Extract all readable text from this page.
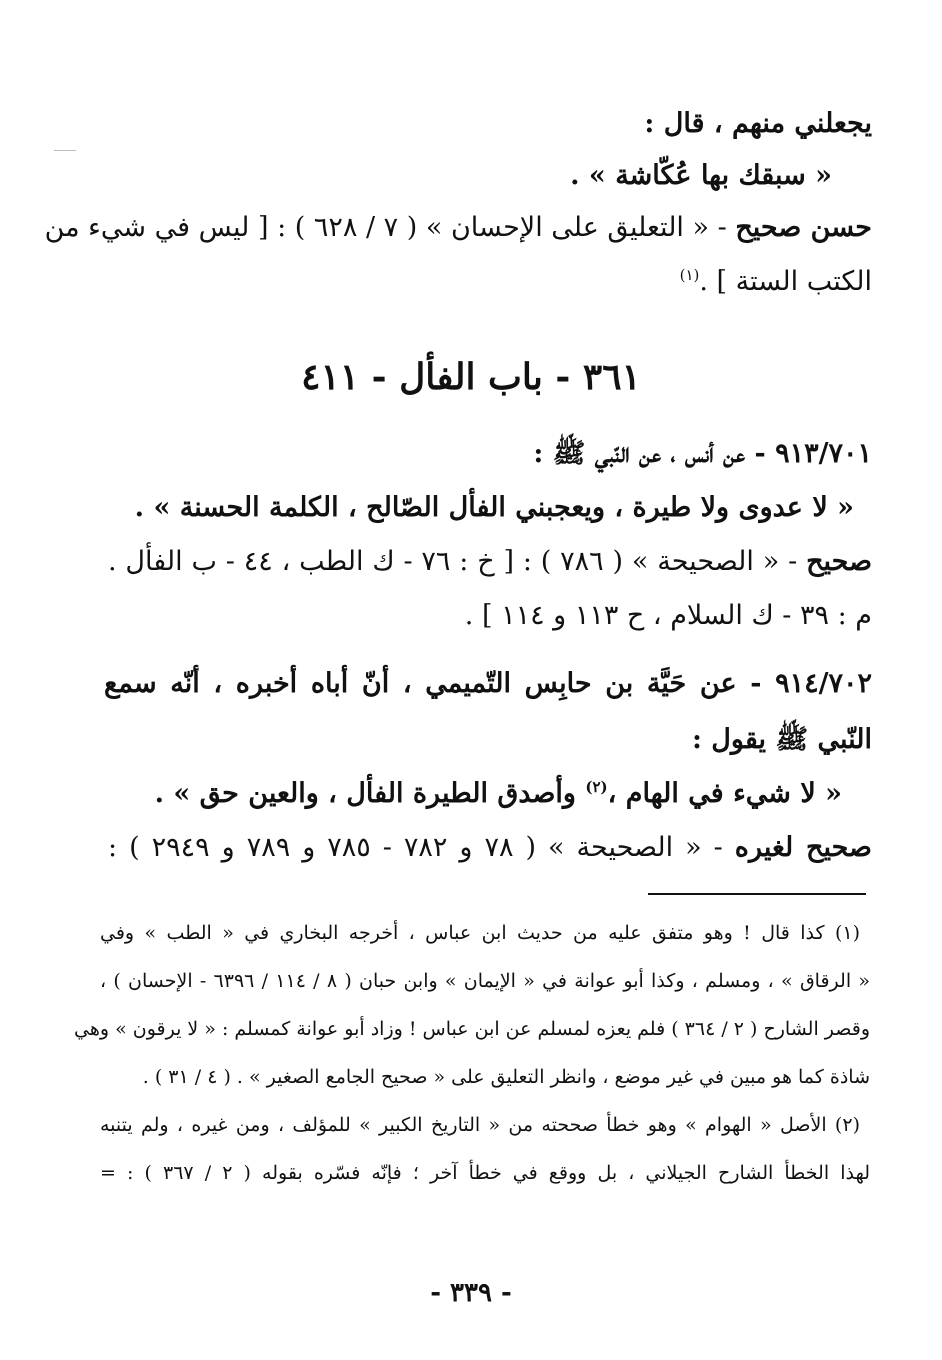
يجعلني منهم ، قال :
« سبقك بها عُكّاشة » .
حسن صحيح - « التعليق على الإحسان » ( ٧ / ٦٢٨ ) : [ ليس في شيء من
الكتب الستة ] .$^{(١)}$
٣٦١ - باب الفأل - ٤١١
٩١٣/٧٠١ - عن أنس ، عن النّبي ﷺ :
« لا عدوى ولا طيرة ، ويعجبني الفأل الصّالح ، الكلمة الحسنة » .
صحيح - « الصحيحة » ( ٧٨٦ ) : [ خ : ٧٦ - ك الطب ، ٤٤ - ب الفأل .
م : ٣٩ - ك السلام ، ح ١١٣ و ١١٤ ] .
٩١٤/٧٠٢ - عن حَيَّة بن حابِس التّميمي ، أنّ أباه أخبره ، أنّه سمع
النّبي ﷺ يقول :
« لا شيء في الهام ،$^{(٢)}$ وأصدق الطيرة الفأل ، والعين حق » .
صحيح لغيره - « الصحيحة » ( ٧٨ و ٧٨٢ - ٧٨٥ و ٧٨٩ و ٢٩٤٩ ) :
(١) كذا قال ! وهو متفق عليه من حديث ابن عباس ، أخرجه البخاري في « الطب » وفي
« الرقاق » ، ومسلم ، وكذا أبو عوانة في « الإيمان » وابن حبان ( ٨ / ١١٤ / ٦٣٩٦ - الإحسان ) ،
وقصر الشارح ( ٢ / ٣٦٤ ) فلم يعزه لمسلم عن ابن عباس ! وزاد أبو عوانة كمسلم : « لا يرقون » وهي
شاذة كما هو مبين في غير موضع ، وانظر التعليق على « صحيح الجامع الصغير » . ( ٤ / ٣١ ) .
(٢) الأصل « الهوام » وهو خطأ صححته من « التاريخ الكبير » للمؤلف ، ومن غيره ، ولم يتنبه
لهذا الخطأ الشارح الجيلاني ، بل ووقع في خطأ آخر ؛ فإنّه فسّره بقوله ( ٢ / ٣٦٧ ) : =
- ٣٣٩ -
